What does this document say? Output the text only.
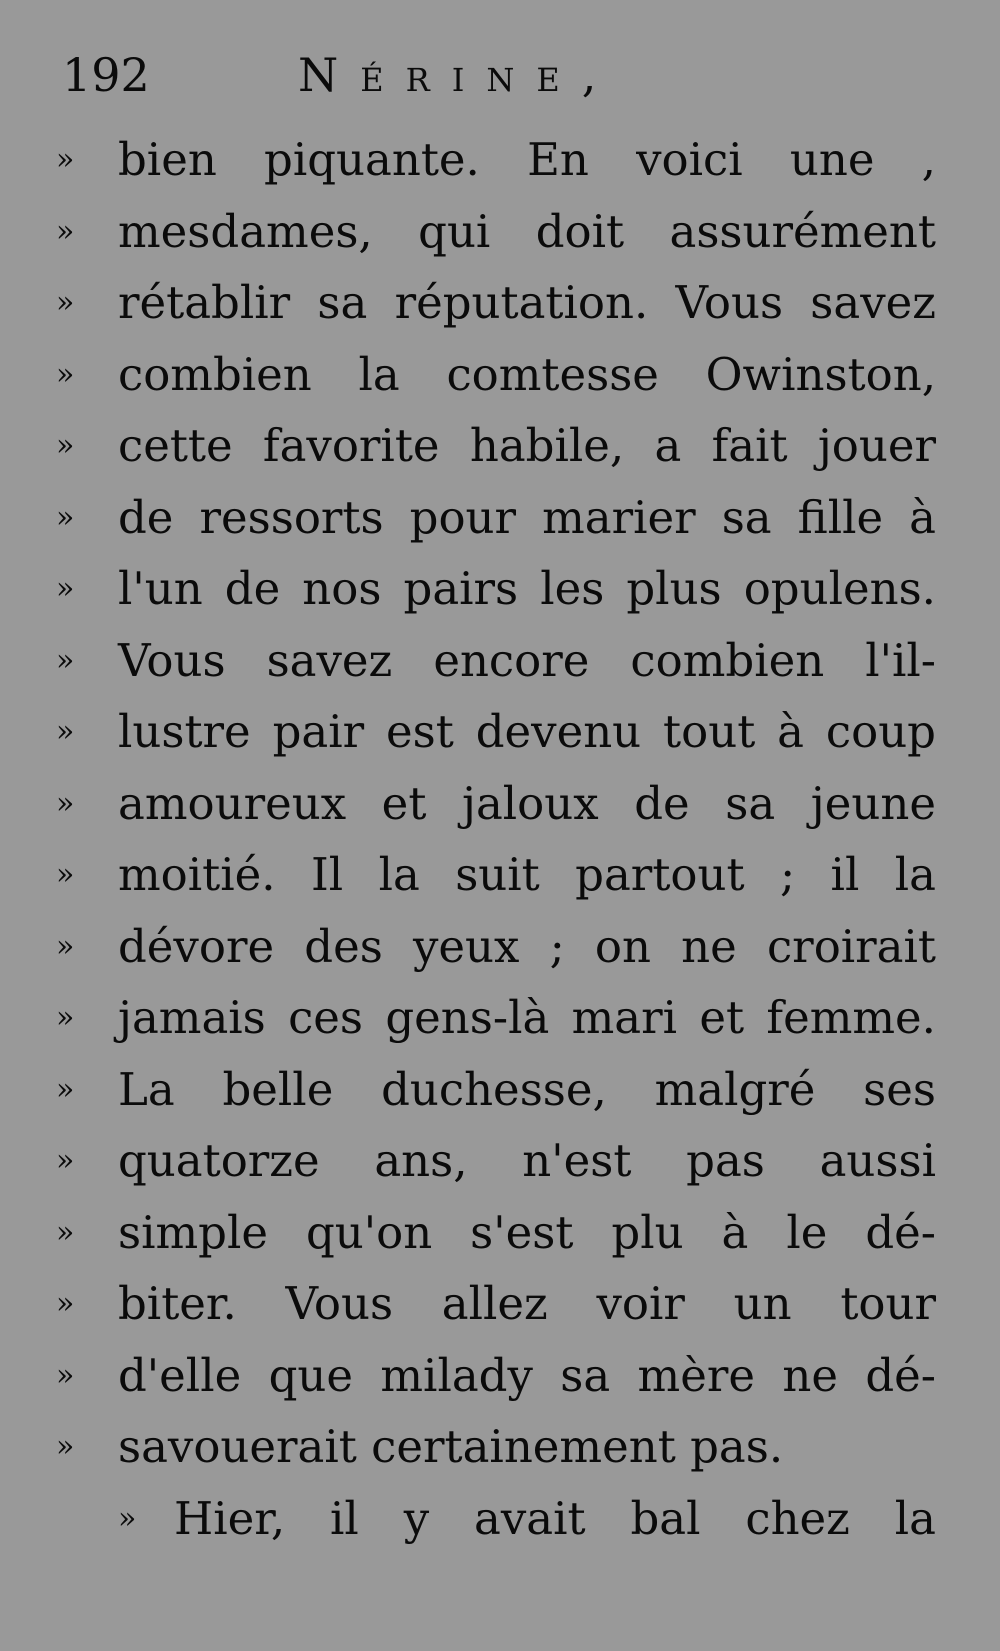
192	Nérine,
» bien piquante. En voici une ,
» mesdames, qui doit assurément
» rétablir sa réputation. Vous savez
» combien la comtesse Owinston,
» cette favorite habile, a fait jouer
» de ressorts pour marier sa fille à
» l'un de nos pairs les plus opulens.
» Vous savez encore combien l'il-
» lustre pair est devenu tout à coup
» amoureux et jaloux de sa jeune
» moitié. Il la suit partout ; il la
» dévore des yeux ; on ne croirait
» jamais ces gens-là mari et femme.
» La belle duchesse, malgré ses
» quatorze ans, n'est pas aussi
» simple qu'on s'est plu à le dé-
» biter. Vous allez voir un tour
» d'elle que milady sa mère ne dé-
» savouerait certainement pas.
» Hier, il y avait bal chez la
